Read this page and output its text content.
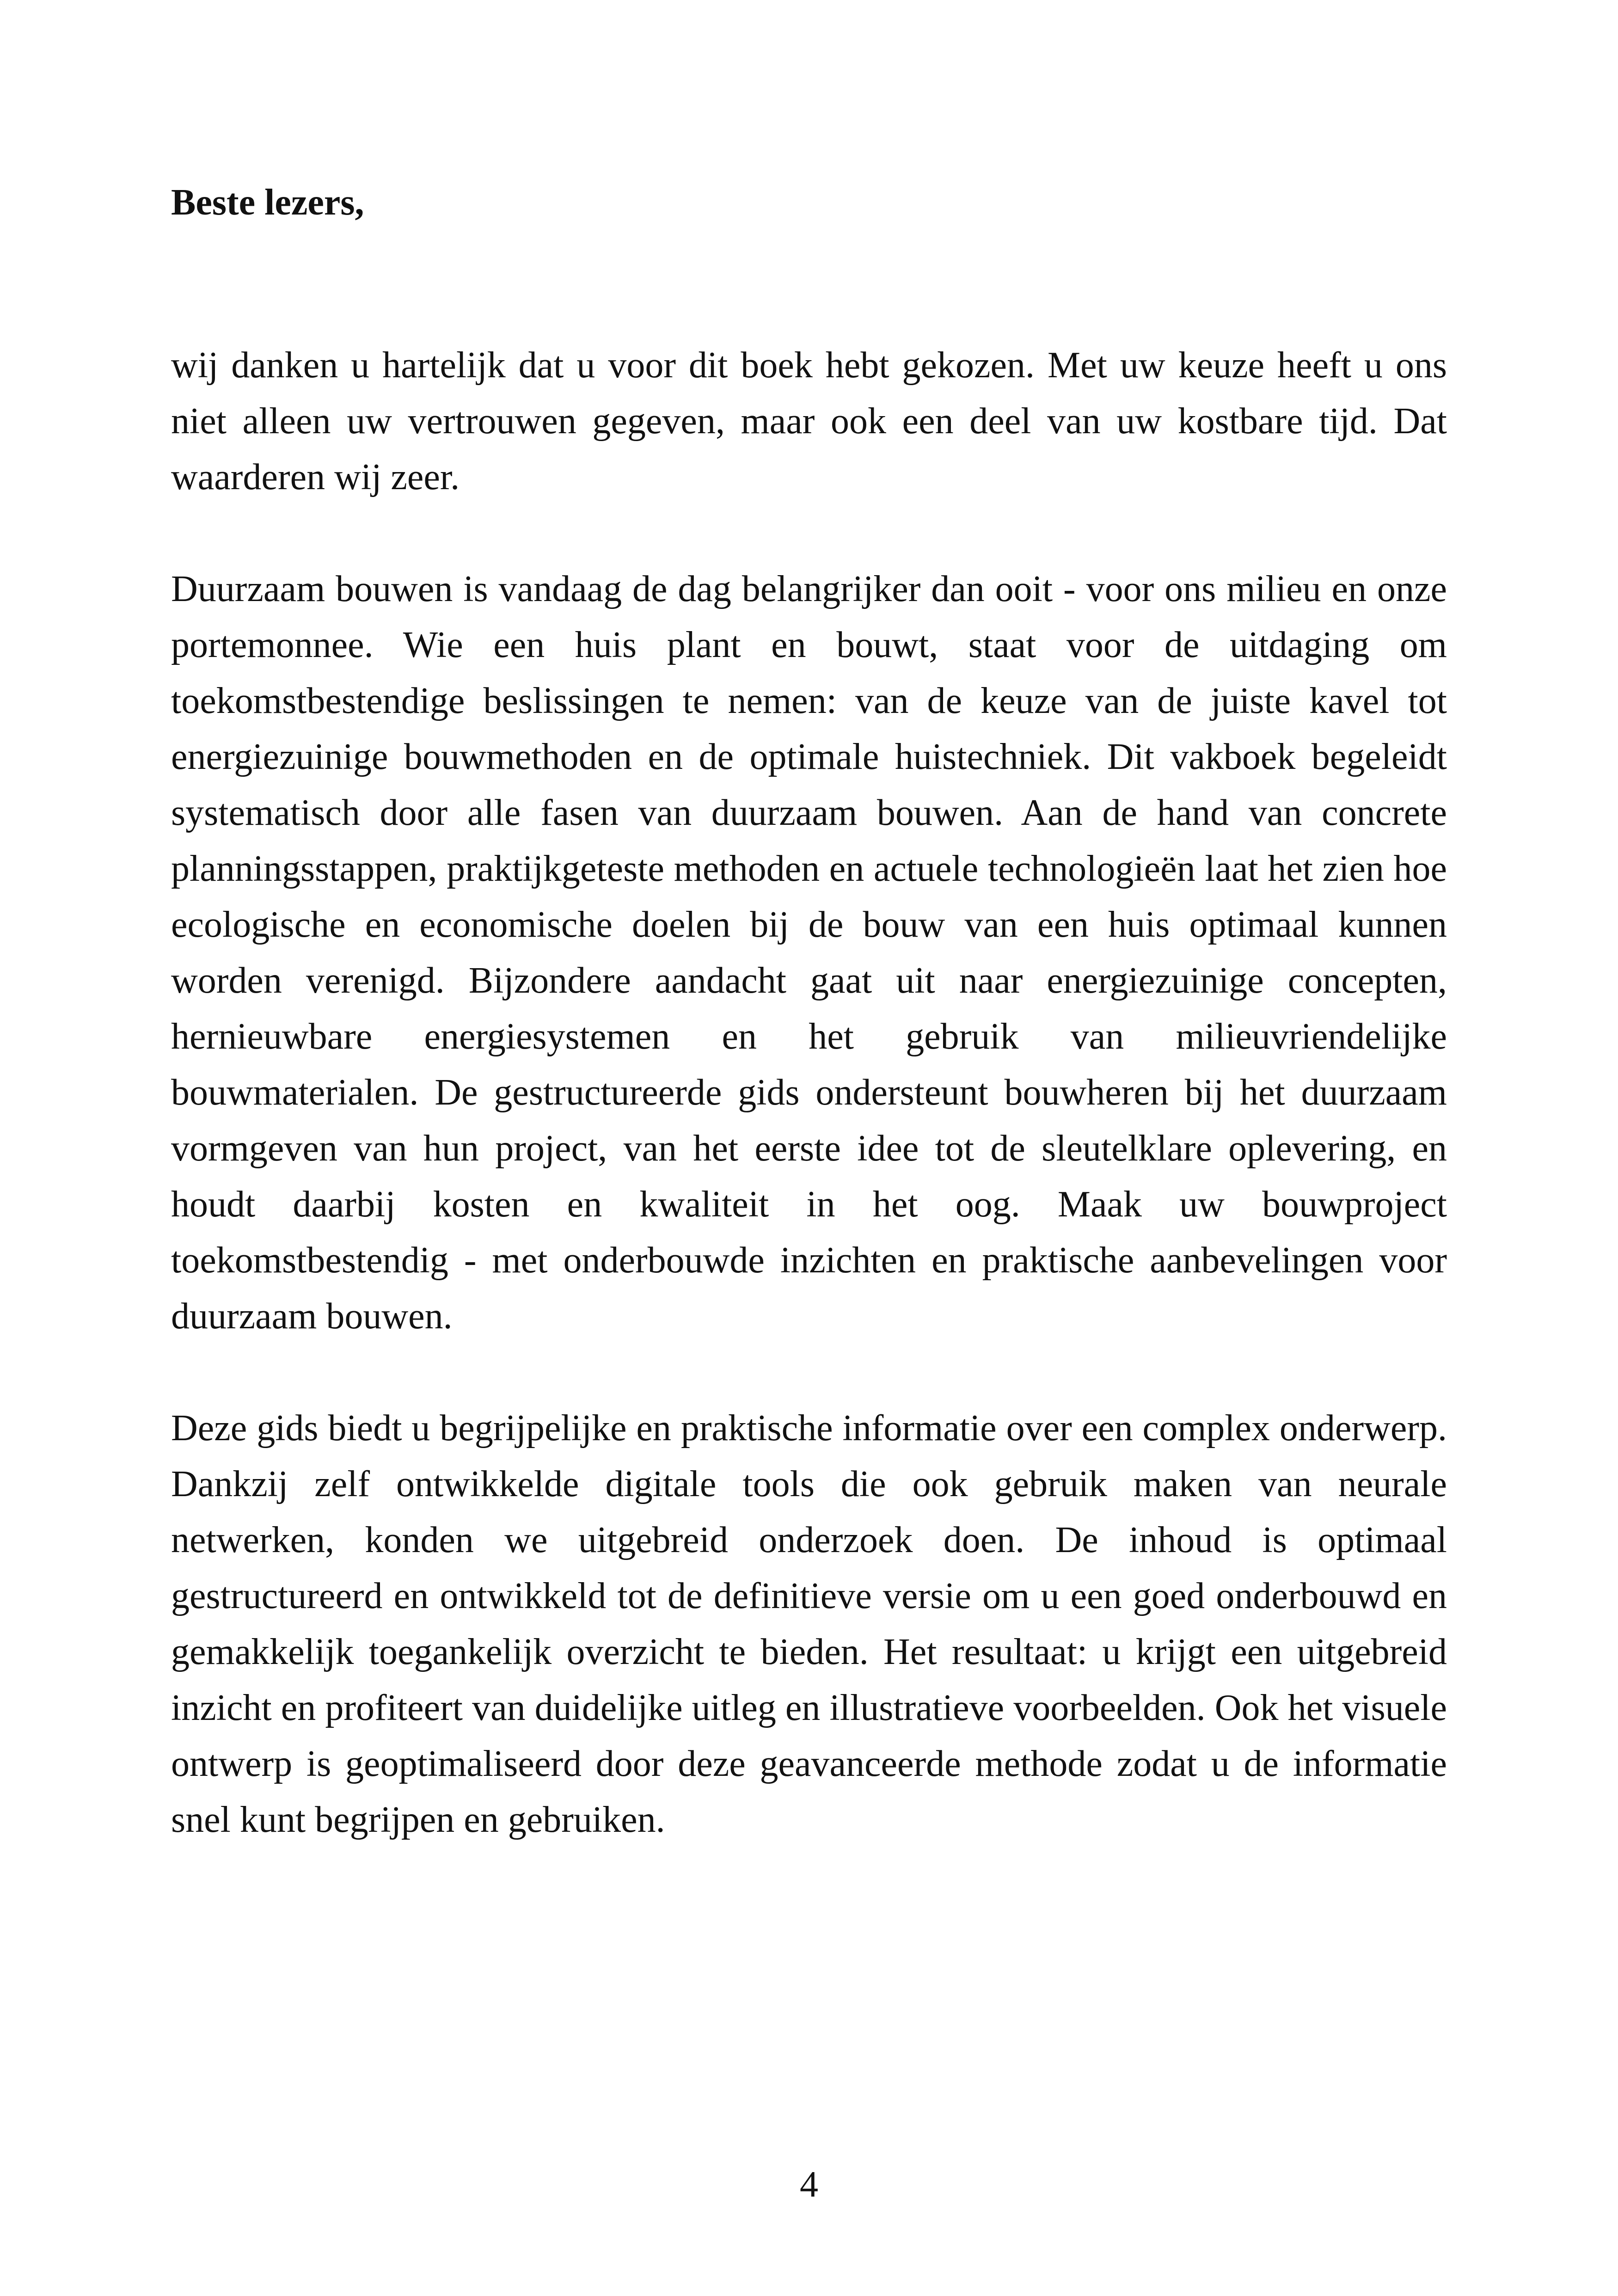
Beste lezers,

wij danken u hartelijk dat u voor dit boek hebt gekozen. Met uw keuze heeft u ons niet alleen uw vertrouwen gegeven, maar ook een deel van uw kostbare tijd. Dat waarderen wij zeer.

Duurzaam bouwen is vandaag de dag belangrijker dan ooit - voor ons milieu en onze portemonnee. Wie een huis plant en bouwt, staat voor de uitdaging om toekomstbestendige beslissingen te nemen: van de keuze van de juiste kavel tot energiezuinige bouwmethoden en de optimale huistechniek. Dit vakboek begeleidt systematisch door alle fasen van duurzaam bouwen. Aan de hand van concrete planningsstappen, praktijkgeteste methoden en actuele technologieën laat het zien hoe ecologische en economische doelen bij de bouw van een huis optimaal kunnen worden verenigd. Bijzondere aandacht gaat uit naar energiezuinige concepten, hernieuwbare energiesystemen en het gebruik van milieuvriendelijke bouwmaterialen. De gestructureerde gids ondersteunt bouwheren bij het duurzaam vormgeven van hun project, van het eerste idee tot de sleutelklare oplevering, en houdt daarbij kosten en kwaliteit in het oog. Maak uw bouwproject toekomstbestendig - met onderbouwde inzichten en praktische aanbevelingen voor duurzaam bouwen.

Deze gids biedt u begrijpelijke en praktische informatie over een complex onderwerp. Dankzij zelf ontwikkelde digitale tools die ook gebruik maken van neurale netwerken, konden we uitgebreid onderzoek doen. De inhoud is optimaal gestructureerd en ontwikkeld tot de definitieve versie om u een goed onderbouwd en gemakkelijk toegankelijk overzicht te bieden. Het resultaat: u krijgt een uitgebreid inzicht en profiteert van duidelijke uitleg en illustratieve voorbeelden. Ook het visuele ontwerp is geoptimaliseerd door deze geavanceerde methode zodat u de informatie snel kunt begrijpen en gebruiken.

4
